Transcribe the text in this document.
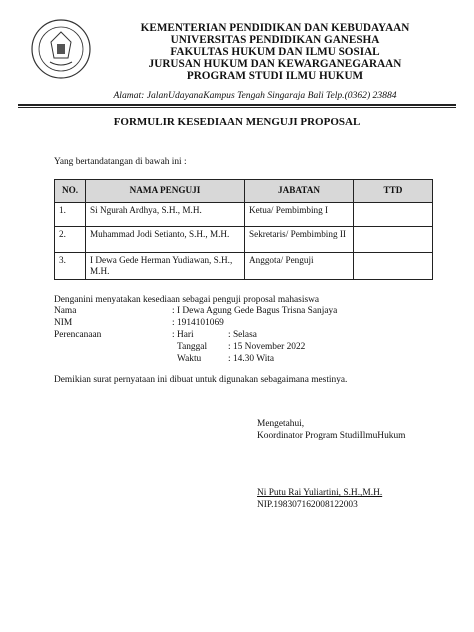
KEMENTERIAN PENDIDIKAN DAN KEBUDAYAAN
UNIVERSITAS PENDIDIKAN GANESHA
FAKULTAS HUKUM DAN ILMU SOSIAL
JURUSAN HUKUM DAN KEWARGANEGARAAN
PROGRAM STUDI ILMU HUKUM
Alamat: JalanUdayanaKampus Tengah Singaraja Bali Telp.(0362) 23884
FORMULIR KESEDIAAN MENGUJI PROPOSAL
Yang bertandatangan di bawah ini :
NO.	NAMA PENGUJI	JABATAN	TTD
1.	Si Ngurah Ardhya, S.H., M.H.	Ketua/ Pembimbing I	
2.	Muhammad Jodi Setianto, S.H., M.H.	Sekretaris/ Pembimbing II	
3.	I Dewa Gede Herman Yudiawan, S.H., M.H.	Anggota/ Penguji	
Denganini menyatakan kesediaan sebagai penguji proposal mahasiswa
Nama	: I Dewa Agung Gede Bagus Trisna Sanjaya
NIM	: 1914101069
Perencanaan	: Hari	: Selasa
Tanggal : 15 November 2022
Waktu	: 14.30 Wita
Demikian surat pernyataan ini dibuat untuk digunakan sebagaimana mestinya.
Mengetahui,
Koordinator Program StudiIlmuHukum
Ni Putu Rai Yuliartini, S.H.,M.H.
NIP.198307162008122003
